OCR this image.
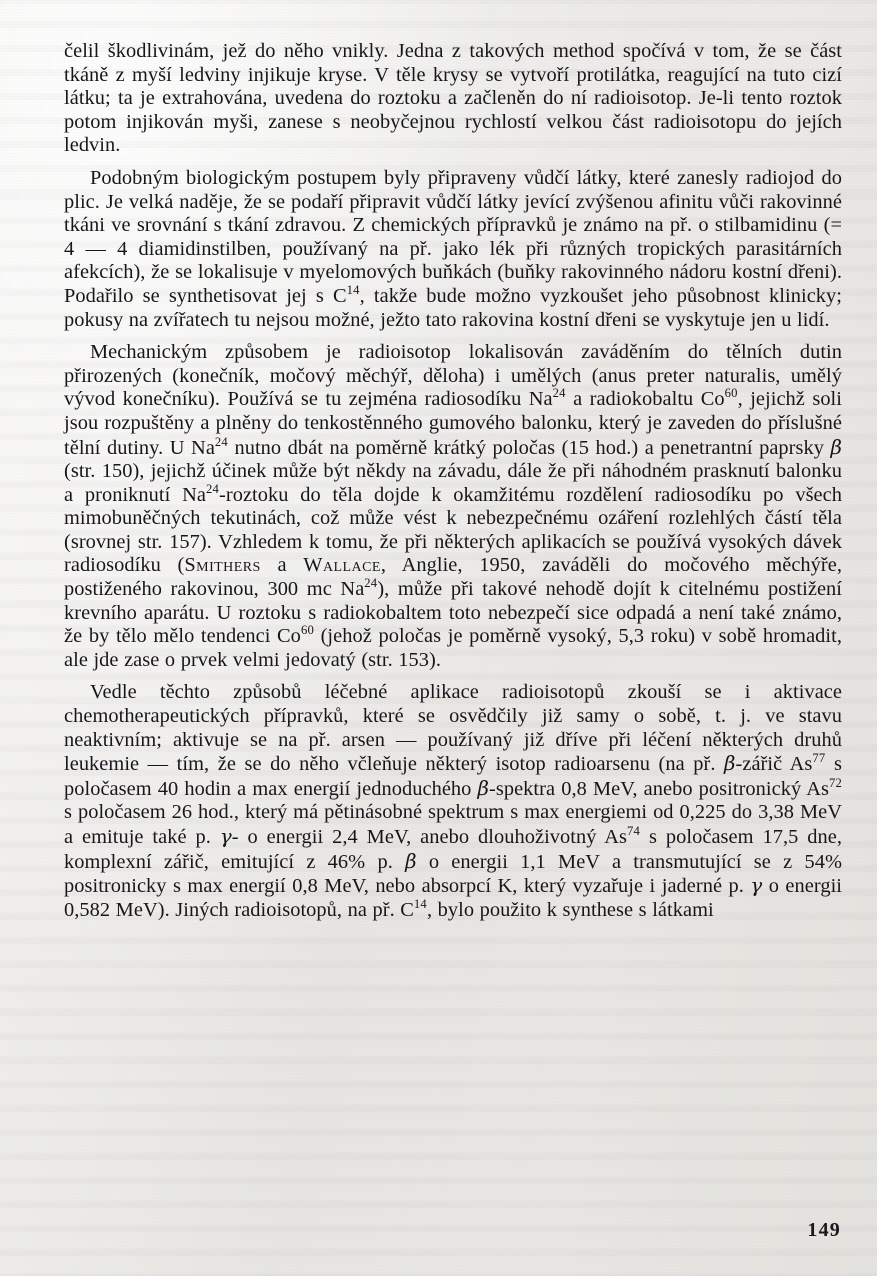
čelil škodlivinám, jež do něho vnikly. Jedna z takových method spočívá v tom, že se část tkáně z myší ledviny injikuje kryse. V těle krysy se vytvoří protilátka, reagující na tuto cizí látku; ta je extrahována, uvedena do roztoku a začleněn do ní radioisotop. Je-li tento roztok potom injikován myši, zanese s neobyčejnou rychlostí velkou část radioisotopu do jejích ledvin.

Podobným biologickým postupem byly připraveny vůdčí látky, které zanesly radiojod do plic. Je velká naděje, že se podaří připravit vůdčí látky jevící zvýšenou afinitu vůči rakovinné tkáni ve srovnání s tkání zdravou. Z chemických přípravků je známo na př. o stilbamidinu (= 4 — 4 diamidinstilben, používaný na př. jako lék při různých tropických parasitárních afekcích), že se lokalisuje v myelomových buňkách (buňky rakovinného nádoru kostní dřeni). Podařilo se synthetisovat jej s $C^{14}$, takže bude možno vyzkoušet jeho působnost klinicky; pokusy na zvířatech tu nejsou možné, ježto tato rakovina kostní dřeni se vyskytuje jen u lidí.

Mechanickým způsobem je radioisotop lokalisován zaváděním do tělních dutin přirozených (konečník, močový měchýř, děloha) i umělých (anus preter naturalis, umělý vývod konečníku). Používá se tu zejména radiosodíku Na$^{24}$ a radiokobaltu Co$^{60}$, jejichž soli jsou rozpuštěny a plněny do tenkostěnného gumového balonku, který je zaveden do příslušné tělní dutiny. U Na$^{24}$ nutno dbát na poměrně krátký poločas (15 hod.) a penetrantní paprsky β (str. 150), jejichž účinek může být někdy na závadu, dále že při náhodném prasknutí balonku a proniknutí Na$^{24}$-roztoku do těla dojde k okamžitému rozdělení radiosodíku po všech mimobuněčných tekutinách, což může vést k nebezpečnému ozáření rozlehlých částí těla (srovnej str. 157). Vzhledem k tomu, že při některých aplikacích se používá vysokých dávek radiosodíku (Smithers a Wallace, Anglie, 1950, zaváděli do močového měchýře, postiženého rakovinou, 300 mc Na$^{24}$), může při takové nehodě dojít k citelnému postižení krevního aparátu. U roztoku s radiokobaltem toto nebezpečí sice odpadá a není také známo, že by tělo mělo tendenci Co$^{60}$ (jehož poločas je poměrně vysoký, 5,3 roku) v sobě hromadit, ale jde zase o prvek velmi jedovatý (str. 153).

Vedle těchto způsobů léčebné aplikace radioisotopů zkouší se i aktivace chemotherapeutických přípravků, které se osvědčily již samy o sobě, t. j. ve stavu neaktivním; aktivuje se na př. arsen — používaný již dříve při léčení některých druhů leukemie — tím, že se do něho včleňuje některý isotop radioarsenu (na př. β-zářič As$^{77}$ s poločasem 40 hodin a max energií jednoduchého β-spektra 0,8 MeV, anebo positronický As$^{72}$ s poločasem 26 hod., který má pětinásobné spektrum s max energiemi od 0,225 do 3,38 MeV a emituje také p. γ- o energii 2,4 MeV, anebo dlouhoživotný As$^{74}$ s poločasem 17,5 dne, komplexní zářič, emitující z 46% p. β o energii 1,1 MeV a transmutující se z 54% positronicky s max energií 0,8 MeV, nebo absorpcí K, který vyzařuje i jaderné p. γ o energii 0,582 MeV). Jiných radioisotopů, na př. $C^{14}$, bylo použito k synthese s látkami

149
